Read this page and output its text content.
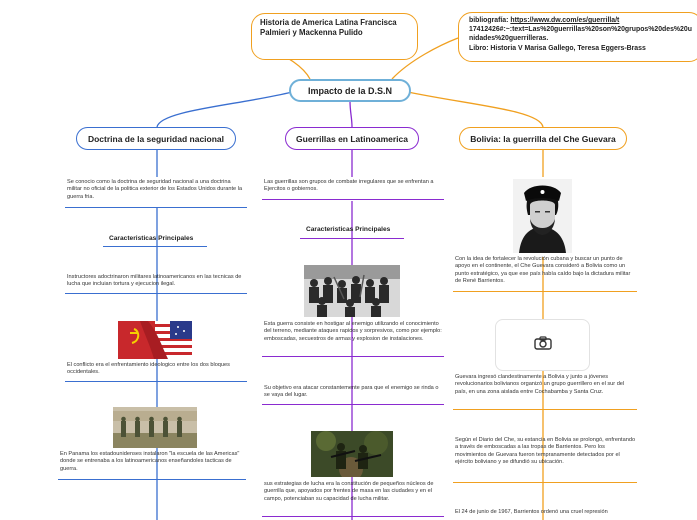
Historia de America Latina Francisca Palmieri y Mackenna Pulido
bibliografía: https://www.dw.com/es/guerrilla/t
17412426#:~:text=Las%20guerrillas%20son%20grupos%20des%20unidades%20guerrilleras.
Libro: Historia V Marisa Gallego, Teresa Eggers-Brass
Impacto de la D.S.N
Doctrina de la seguridad nacional	Guerrillas en Latinoamerica	Bolivia: la guerrilla del Che Guevara
Se conocio como la doctrina de seguridad nacional a una doctrina militar no oficial de la politica exterior de los Estados Unidos durante la guerra fria.
Caracteristicas Principales
Instructores adoctrinaron militares latinoamericanos en las tecnicas de lucha que incluian tortura y ejecucion ilegal.
El conflicto era el enfrentamiento ideologico entre los dos bloques occidentales.
En Panama los estadounidenses instalaron "la escuela de las Americas" donde se entrenaba a los latinoamericanos enseñandoles tacticas de guerra.
Las guerrillas son grupos de combate irregulares que se enfrentan a Ejercitos o gobiernos.
Caracteristicas Principales
Esta guerra consiste en hostigar al enemigo utilizando el conocimiento del terreno, mediante ataques rapidos y sorpresivos, como por ejemplo: emboscadas, secuestros de armas y explosion de instalaciones.
Su objetivo era atacar constantemente para que el enemigo se rinda o se vaya del lugar.
sus estrategias de lucha era la constitución de pequeños núcleos de guerrilla que, apoyados por frentes de masa en las ciudades y en el campo, potenciaban su capacidad de lucha militar.
Con la idea de fortalecer la revolución cubana y buscar un punto de apoyo en el continente, el Che Guevara consideró a Bolivia como un punto estratégico, ya que ese país había caído bajo la dictadura militar de René Barrientos.
Guevara ingresó clandestinamente a Bolivia y junto a jóvenes revolucionarios bolivianos organizó un grupo guerrillero en el sur del país, en una zona aislada entre Cochabamba y Santa Cruz.
Según el Diario del Che, su estancia en Bolivia se prolongó, enfrentando a través de emboscadas a las tropas de Barrientos. Pero los movimientos de Guevara fueron tempranamente detectados por el ejército boliviano y se difundió su ubicación.
El 24 de junio de 1967, Barrientos ordenó una cruel represión
